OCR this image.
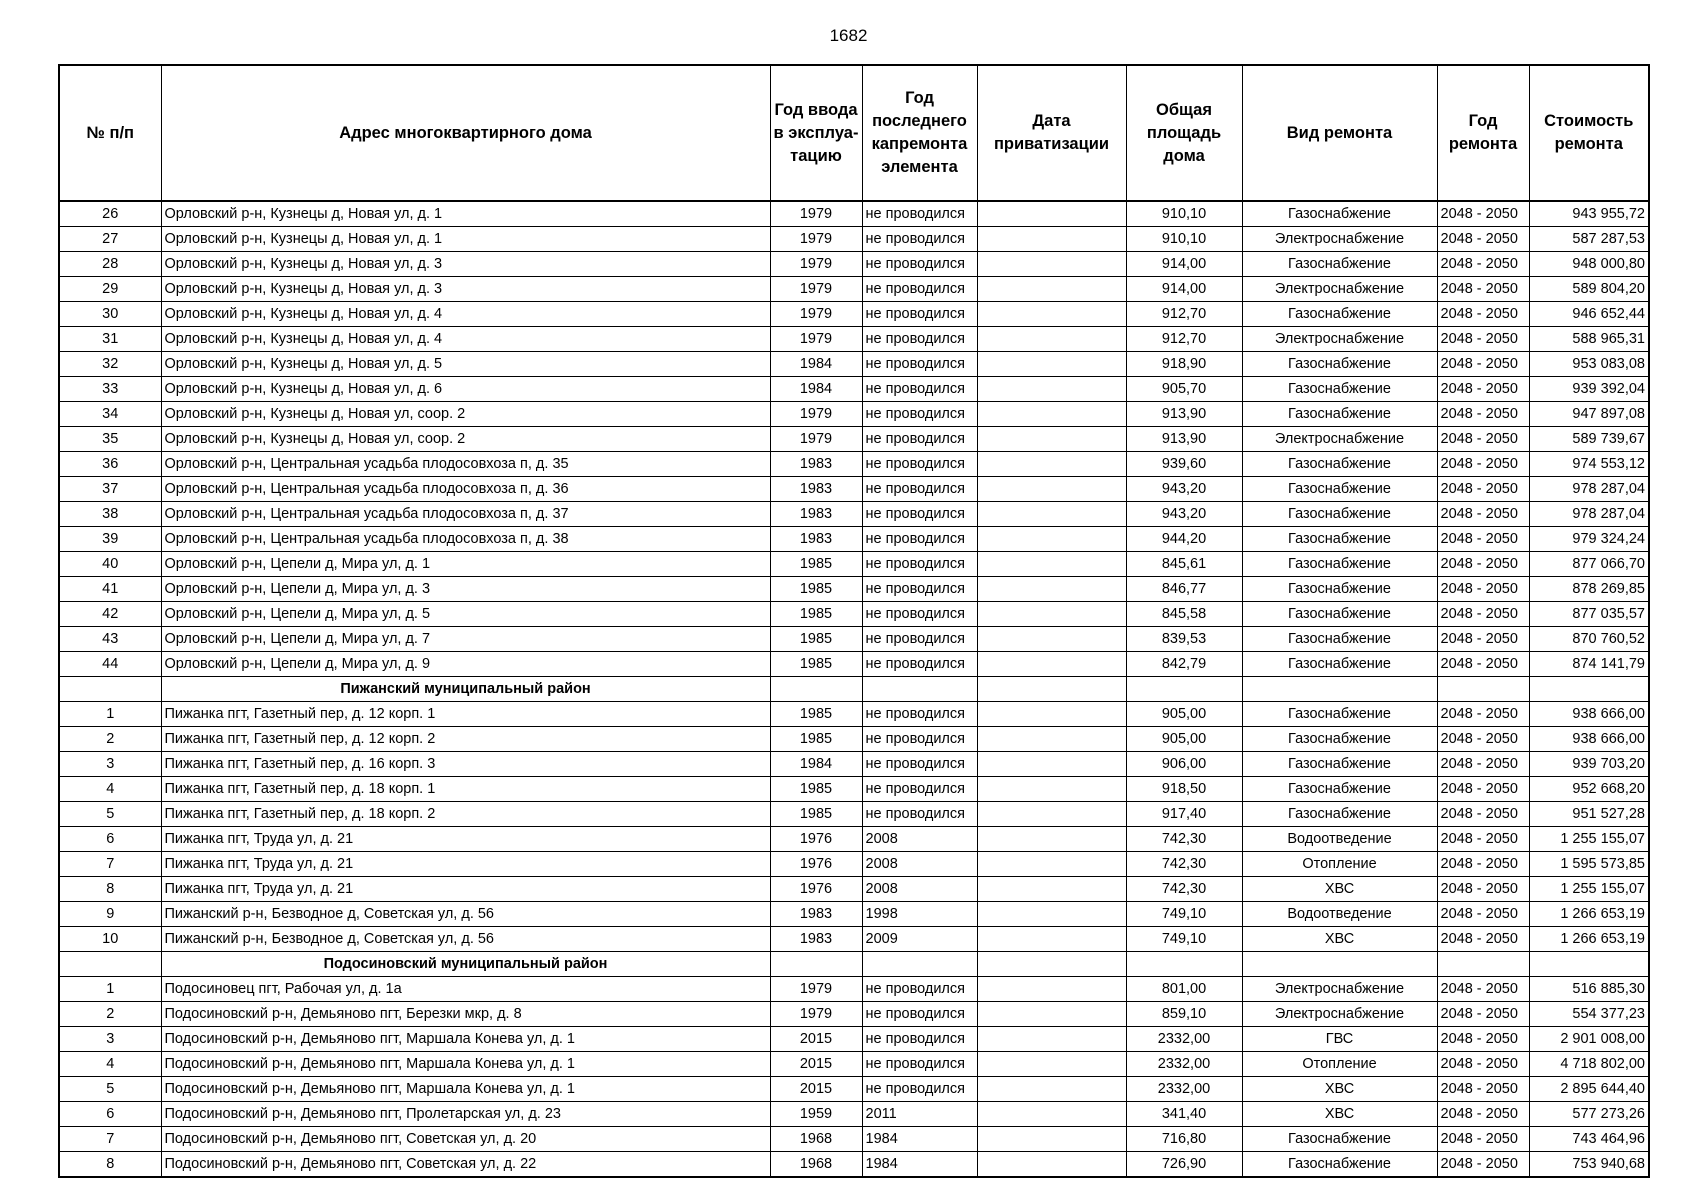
1682
№ п/п	Адрес многоквартирного дома	Год ввода в эксплуа-тацию	Год последнего капремонта элемента	Дата приватизации	Общая площадь дома	Вид ремонта	Год ремонта	Стоимость ремонта
26	Орловский р-н, Кузнецы д, Новая ул, д. 1	1979	не проводился		910,10	Газоснабжение	2048 - 2050	943 955,72
27	Орловский р-н, Кузнецы д, Новая ул, д. 1	1979	не проводился		910,10	Электроснабжение	2048 - 2050	587 287,53
28	Орловский р-н, Кузнецы д, Новая ул, д. 3	1979	не проводился		914,00	Газоснабжение	2048 - 2050	948 000,80
29	Орловский р-н, Кузнецы д, Новая ул, д. 3	1979	не проводился		914,00	Электроснабжение	2048 - 2050	589 804,20
30	Орловский р-н, Кузнецы д, Новая ул, д. 4	1979	не проводился		912,70	Газоснабжение	2048 - 2050	946 652,44
31	Орловский р-н, Кузнецы д, Новая ул, д. 4	1979	не проводился		912,70	Электроснабжение	2048 - 2050	588 965,31
32	Орловский р-н, Кузнецы д, Новая ул, д. 5	1984	не проводился		918,90	Газоснабжение	2048 - 2050	953 083,08
33	Орловский р-н, Кузнецы д, Новая ул, д. 6	1984	не проводился		905,70	Газоснабжение	2048 - 2050	939 392,04
34	Орловский р-н, Кузнецы д, Новая ул, соор. 2	1979	не проводился		913,90	Газоснабжение	2048 - 2050	947 897,08
35	Орловский р-н, Кузнецы д, Новая ул, соор. 2	1979	не проводился		913,90	Электроснабжение	2048 - 2050	589 739,67
36	Орловский р-н, Центральная усадьба плодосовхоза п, д. 35	1983	не проводился		939,60	Газоснабжение	2048 - 2050	974 553,12
37	Орловский р-н, Центральная усадьба плодосовхоза п, д. 36	1983	не проводился		943,20	Газоснабжение	2048 - 2050	978 287,04
38	Орловский р-н, Центральная усадьба плодосовхоза п, д. 37	1983	не проводился		943,20	Газоснабжение	2048 - 2050	978 287,04
39	Орловский р-н, Центральная усадьба плодосовхоза п, д. 38	1983	не проводился		944,20	Газоснабжение	2048 - 2050	979 324,24
40	Орловский р-н, Цепели д, Мира ул, д. 1	1985	не проводился		845,61	Газоснабжение	2048 - 2050	877 066,70
41	Орловский р-н, Цепели д, Мира ул, д. 3	1985	не проводился		846,77	Газоснабжение	2048 - 2050	878 269,85
42	Орловский р-н, Цепели д, Мира ул, д. 5	1985	не проводился		845,58	Газоснабжение	2048 - 2050	877 035,57
43	Орловский р-н, Цепели д, Мира ул, д. 7	1985	не проводился		839,53	Газоснабжение	2048 - 2050	870 760,52
44	Орловский р-н, Цепели д, Мира ул, д. 9	1985	не проводился		842,79	Газоснабжение	2048 - 2050	874 141,79
	Пижанский муниципальный район							
1	Пижанка пгт, Газетный пер, д. 12 корп. 1	1985	не проводился		905,00	Газоснабжение	2048 - 2050	938 666,00
2	Пижанка пгт, Газетный пер, д. 12 корп. 2	1985	не проводился		905,00	Газоснабжение	2048 - 2050	938 666,00
3	Пижанка пгт, Газетный пер, д. 16 корп. 3	1984	не проводился		906,00	Газоснабжение	2048 - 2050	939 703,20
4	Пижанка пгт, Газетный пер, д. 18 корп. 1	1985	не проводился		918,50	Газоснабжение	2048 - 2050	952 668,20
5	Пижанка пгт, Газетный пер, д. 18 корп. 2	1985	не проводился		917,40	Газоснабжение	2048 - 2050	951 527,28
6	Пижанка пгт, Труда ул, д. 21	1976	2008		742,30	Водоотведение	2048 - 2050	1 255 155,07
7	Пижанка пгт, Труда ул, д. 21	1976	2008		742,30	Отопление	2048 - 2050	1 595 573,85
8	Пижанка пгт, Труда ул, д. 21	1976	2008		742,30	ХВС	2048 - 2050	1 255 155,07
9	Пижанский р-н, Безводное д, Советская ул, д. 56	1983	1998		749,10	Водоотведение	2048 - 2050	1 266 653,19
10	Пижанский р-н, Безводное д, Советская ул, д. 56	1983	2009		749,10	ХВС	2048 - 2050	1 266 653,19
	Подосиновский муниципальный район							
1	Подосиновец пгт, Рабочая ул, д. 1а	1979	не проводился		801,00	Электроснабжение	2048 - 2050	516 885,30
2	Подосиновский р-н, Демьяново пгт, Березки мкр, д. 8	1979	не проводился		859,10	Электроснабжение	2048 - 2050	554 377,23
3	Подосиновский р-н, Демьяново пгт, Маршала Конева ул, д. 1	2015	не проводился		2332,00	ГВС	2048 - 2050	2 901 008,00
4	Подосиновский р-н, Демьяново пгт, Маршала Конева ул, д. 1	2015	не проводился		2332,00	Отопление	2048 - 2050	4 718 802,00
5	Подосиновский р-н, Демьяново пгт, Маршала Конева ул, д. 1	2015	не проводился		2332,00	ХВС	2048 - 2050	2 895 644,40
6	Подосиновский р-н, Демьяново пгт, Пролетарская ул, д. 23	1959	2011		341,40	ХВС	2048 - 2050	577 273,26
7	Подосиновский р-н, Демьяново пгт, Советская ул, д. 20	1968	1984		716,80	Газоснабжение	2048 - 2050	743 464,96
8	Подосиновский р-н, Демьяново пгт, Советская ул, д. 22	1968	1984		726,90	Газоснабжение	2048 - 2050	753 940,68
